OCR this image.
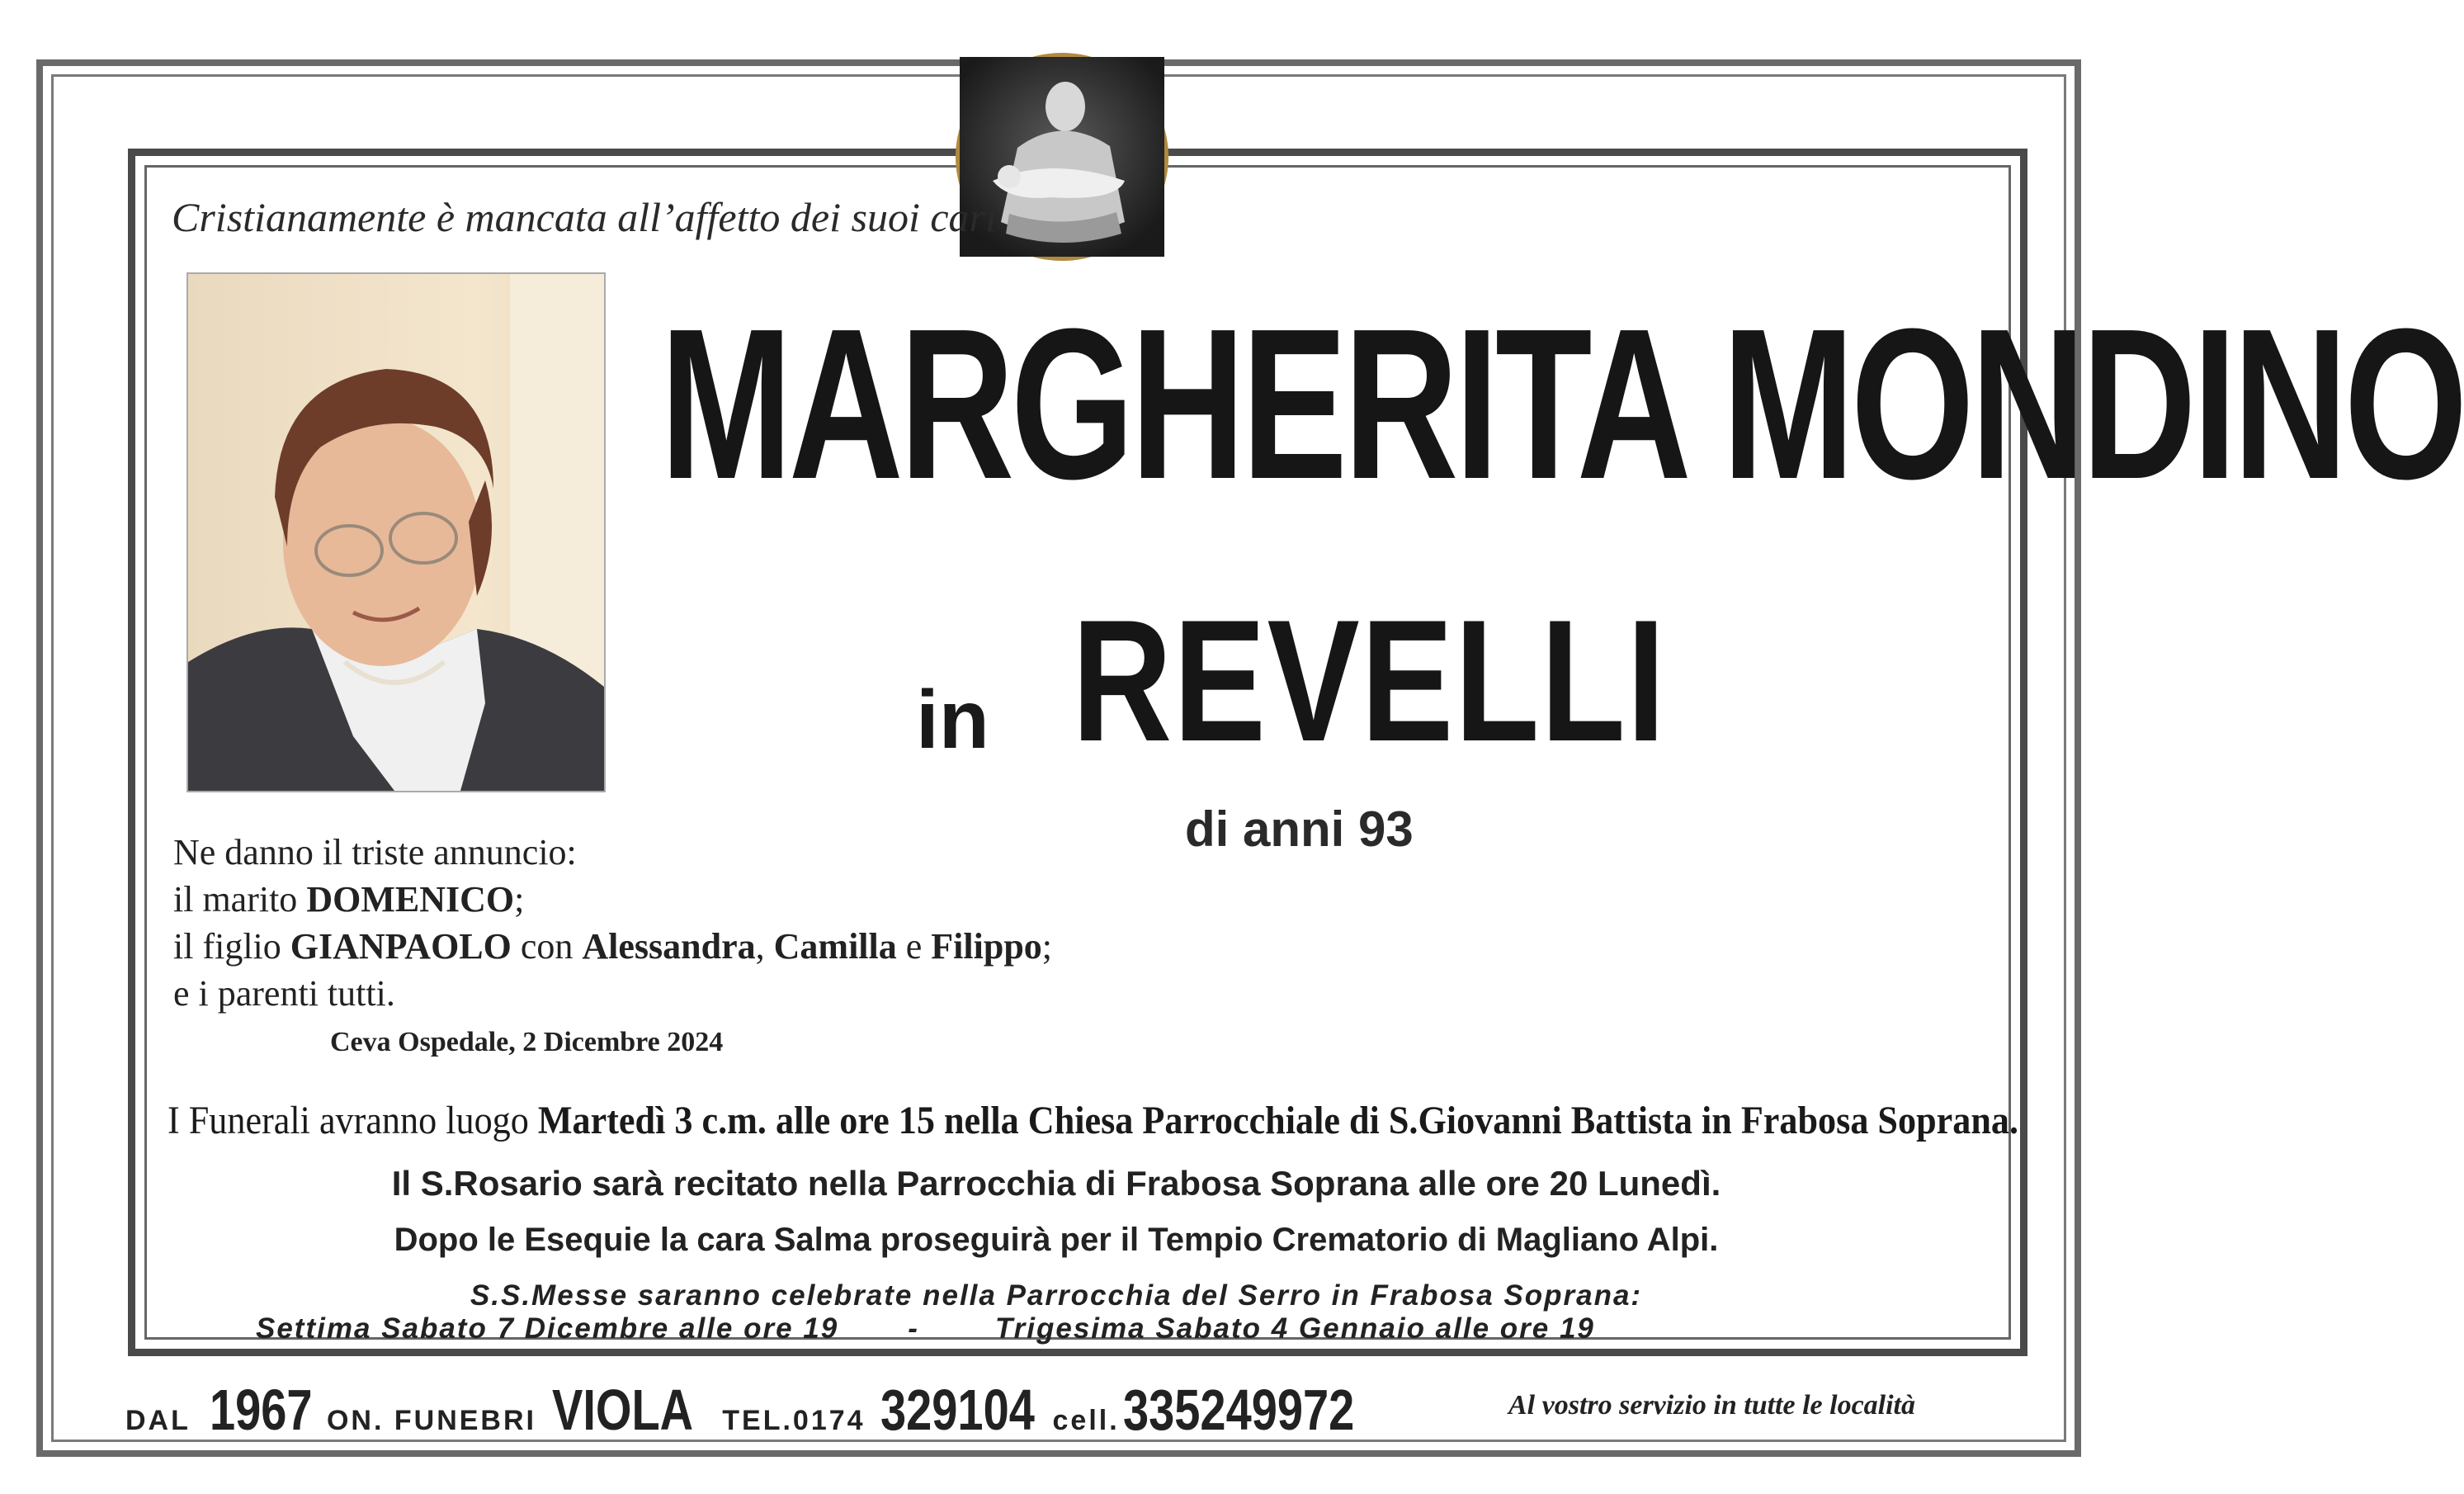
Cristianamente è mancata all’affetto dei suoi cari
MARGHERITA MONDINO
in REVELLI
di anni 93
Ne danno il triste annuncio:
il marito DOMENICO;
il figlio GIANPAOLO con Alessandra, Camilla e Filippo;
e i parenti tutti.
Ceva Ospedale, 2 Dicembre 2024
I Funerali avranno luogo Martedì 3 c.m. alle ore 15 nella Chiesa Parrocchiale di S.Giovanni Battista in Frabosa Soprana.
Il S.Rosario sarà recitato nella Parrocchia di Frabosa Soprana alle ore 20 Lunedì.
Dopo le Esequie la cara Salma proseguirà per il Tempio Crematorio di Magliano Alpi.
S.S.Messe saranno celebrate nella Parrocchia del Serro in Frabosa Soprana:
Settima Sabato 7 Dicembre alle ore 19 -	Trigesima Sabato 4 Gennaio alle ore 19
DAL 1967 ON. FUNEBRI VIOLA TEL.0174 329104 cell. 335249972	Al vostro servizio in tutte le località
